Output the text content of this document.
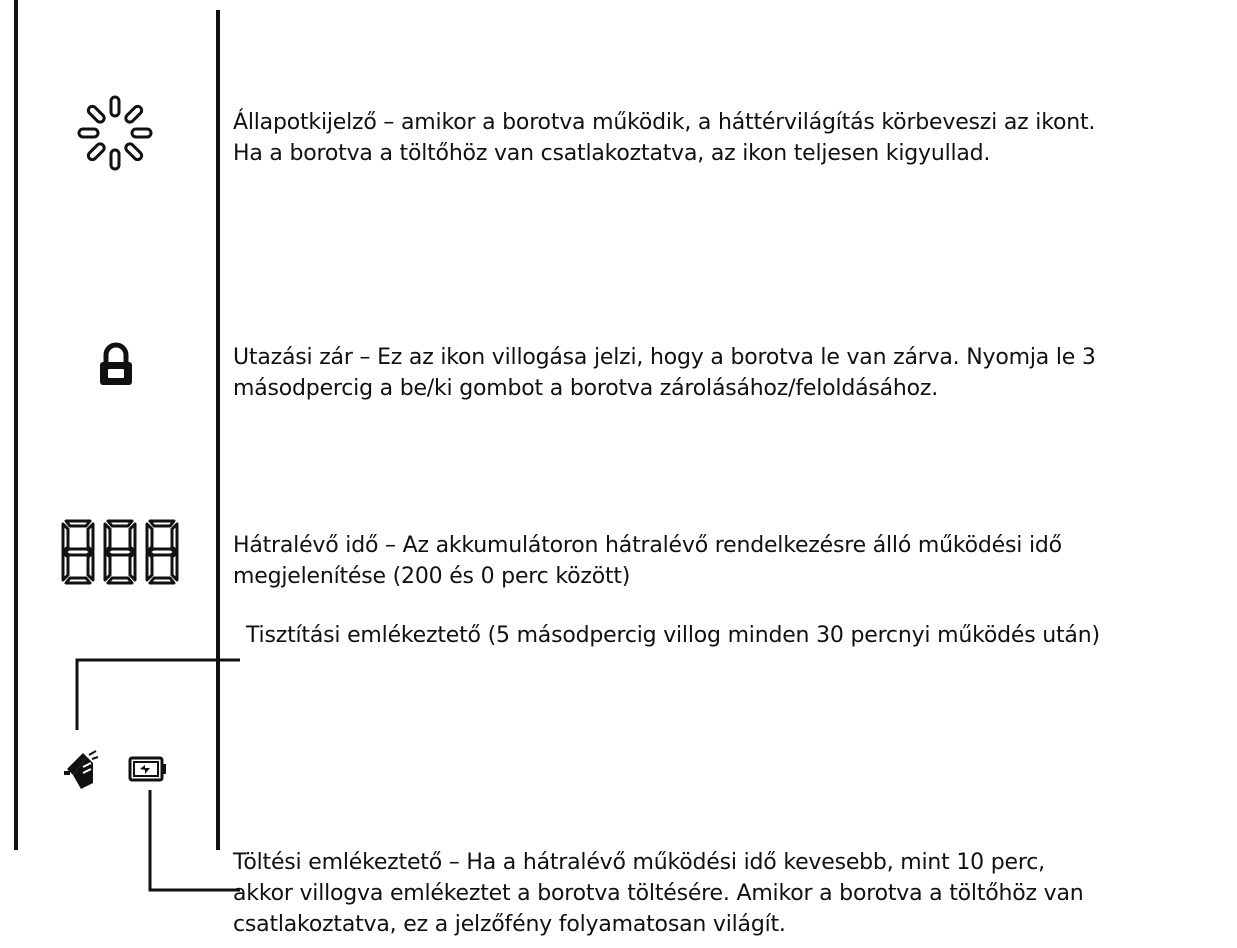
Állapotkijelző – amikor a borotva működik, a háttérvilágítás körbeveszi az ikont.

Ha a borotva a töltőhöz van csatlakoztatva, az ikon teljesen kigyullad.

Utazási zár – Ez az ikon villogása jelzi, hogy a borotva le van zárva. Nyomja le 3

másodpercig a be/ki gombot a borotva zárolásához/feloldásához.

Hátralévő idő – Az akkumulátoron hátralévő rendelkezésre álló működési idő

megjelenítése (200 és 0 perc között)

Tisztítási emlékeztető (5 másodpercig villog minden 30 percnyi működés után)

Töltési emlékeztető – Ha a hátralévő működési idő kevesebb, mint 10 perc,

akkor villogva emlékeztet a borotva töltésére. Amikor a borotva a töltőhöz van

csatlakoztatva, ez a jelzőfény folyamatosan világít.
